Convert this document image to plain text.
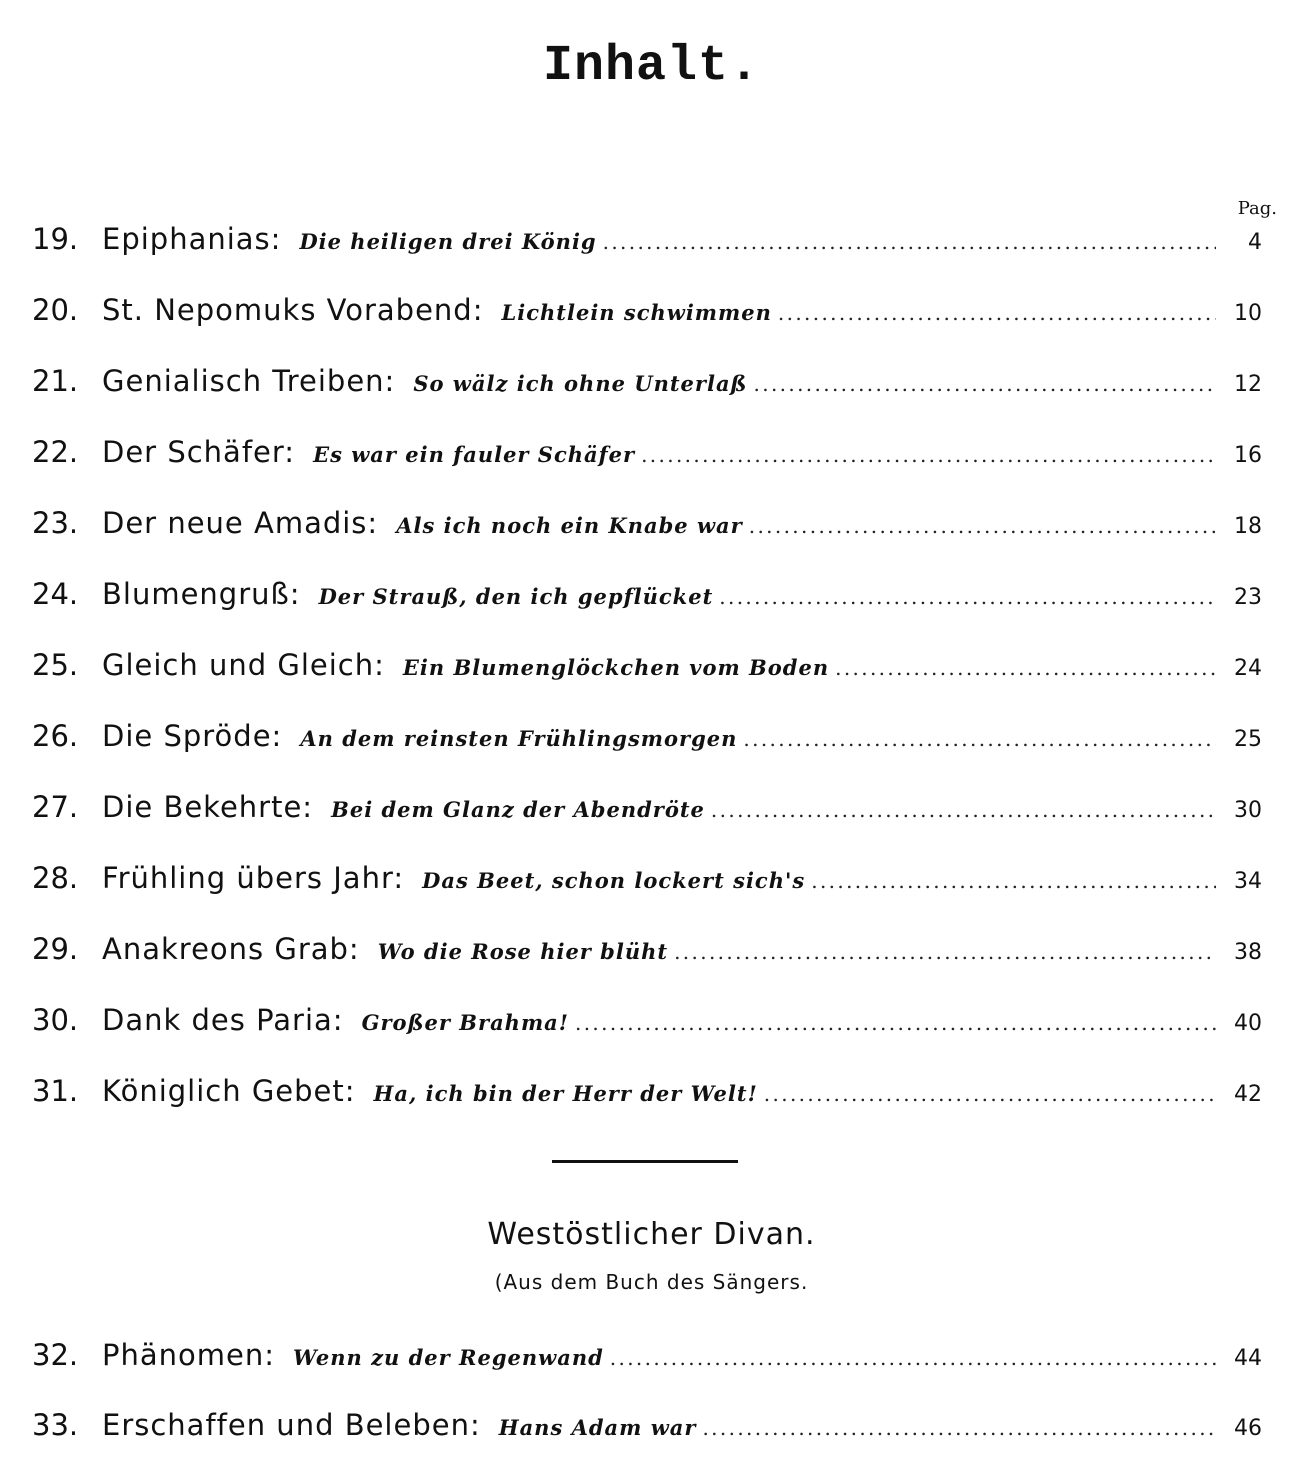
Inhalt.
Pag.
19. Epiphanias: Die heiligen drei König . . .	4
20. St. Nepomuks Vorabend: Lichtlein schwimmen . . .	10
21. Genialisch Treiben: So wälz ich ohne Unterlaß . . .	12
22. Der Schäfer: Es war ein fauler Schäfer . . .	16
23. Der neue Amadis: Als ich noch ein Knabe war . . .	18
24. Blumengruß: Der Strauß, den ich gepflücket . . .	23
25. Gleich und Gleich: Ein Blumenglöckchen vom Boden . . .	24
26. Die Spröde: An dem reinsten Frühlingsmorgen . . .	25
27. Die Bekehrte: Bei dem Glanz der Abendröte . . .	30
28. Frühling übers Jahr: Das Beet, schon lockert sich's . . .	34
29. Anakreons Grab: Wo die Rose hier blüht . . .	38
30. Dank des Paria: Großer Brahma! . . .	40
31. Königlich Gebet: Ha, ich bin der Herr der Welt! . . .	42
32. Phänomen: Wenn zu der Regenwand . . .	44
33. Erschaffen und Beleben: Hans Adam war . . .	46
Westöstlicher Divan.
(Aus dem Buch des Sängers.
